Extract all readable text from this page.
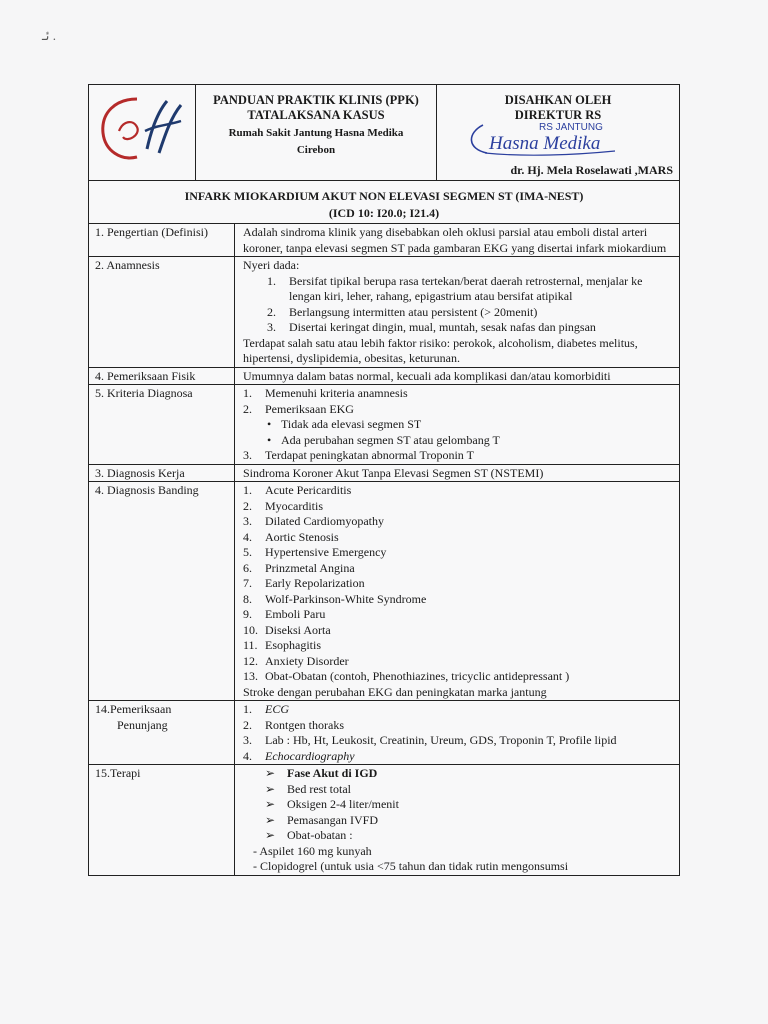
ئـ .
PANDUAN PRAKTIK KLINIS (PPK)
TATALAKSANA KASUS
Rumah Sakit Jantung Hasna Medika
Cirebon
DISAHKAN OLEH
DIREKTUR RS
RS JANTUNG
Hasna Medika
dr. Hj. Mela Roselawati ,MARS
INFARK MIOKARDIUM AKUT NON ELEVASI SEGMEN ST (IMA-NEST)
(ICD 10: I20.0; I21.4)
1. Pengertian (Definisi)	Adalah sindroma klinik yang disebabkan oleh oklusi parsial atau emboli distal arteri koroner, tanpa elevasi segmen ST pada gambaran EKG yang disertai infark miokardium
2. Anamnesis	Nyeri dada:
1.	Bersifat tipikal berupa rasa tertekan/berat daerah retrosternal, menjalar ke lengan kiri, leher, rahang, epigastrium atau bersifat atipikal
2.	Berlangsung intermitten atau persistent (> 20menit)
3.	Disertai keringat dingin, mual, muntah, sesak nafas dan pingsan
Terdapat salah satu atau lebih faktor risiko: perokok, alcoholism, diabetes melitus, hipertensi, dyslipidemia, obesitas, keturunan.
4. Pemeriksaan Fisik	Umumnya dalam batas normal, kecuali ada komplikasi dan/atau komorbiditi
5. Kriteria Diagnosa	1.	Memenuhi kriteria anamnesis
2.	Pemeriksaan EKG
• Tidak ada elevasi segmen ST
• Ada perubahan segmen ST atau gelombang T
3.	Terdapat peningkatan abnormal Troponin T
3. Diagnosis Kerja	Sindroma Koroner Akut Tanpa Elevasi Segmen ST (NSTEMI)
4. Diagnosis Banding	1.	Acute Pericarditis
2.	Myocarditis
3.	Dilated Cardiomyopathy
4.	Aortic Stenosis
5.	Hypertensive Emergency
6.	Prinzmetal Angina
7.	Early Repolarization
8.	Wolf-Parkinson-White Syndrome
9.	Emboli Paru
10. Diseksi Aorta
11. Esophagitis
12. Anxiety Disorder
13. Obat-Obatan (contoh, Phenothiazines, tricyclic antidepressant )
Stroke dengan perubahan EKG dan peningkatan marka jantung
14.Pemeriksaan
Penunjang
1.	ECG
2.	Rontgen thoraks
3.	Lab : Hb, Ht, Leukosit, Creatinin, Ureum, GDS, Troponin T, Profile lipid
4.	Echocardiography
15.Terapi	➢ Fase Akut di IGD
➢ Bed rest total
➢ Oksigen 2-4 liter/menit
➢ Pemasangan IVFD
➢ Obat-obatan :
- Aspilet 160 mg kunyah
- Clopidogrel (untuk usia <75 tahun dan tidak rutin mengonsumsi
